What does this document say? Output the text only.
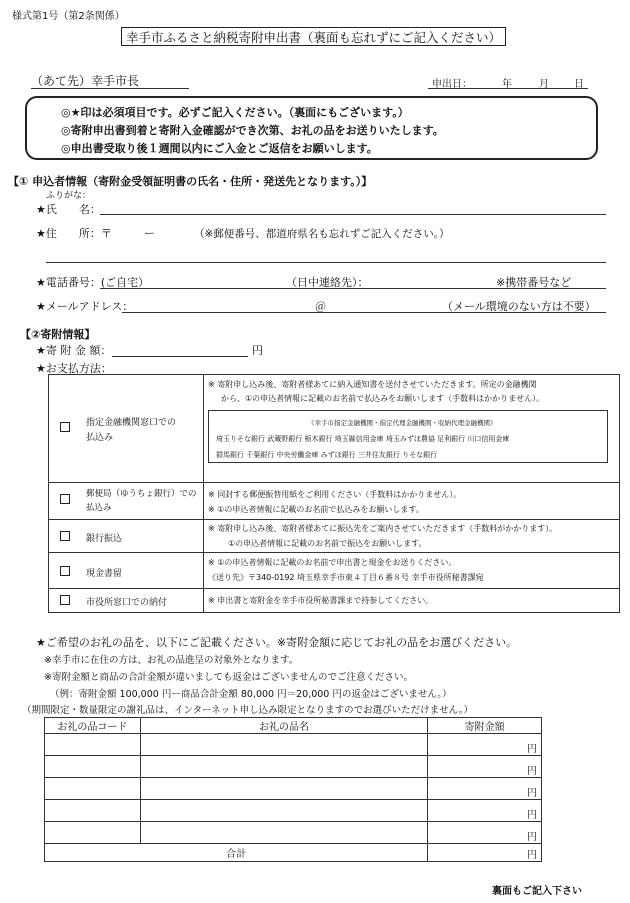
様式第1号（第2条関係）
幸手市ふるさと納税寄附申出書（裏面も忘れずにご記入ください）
（あて先）幸手市長	申出日：	年	月	日
◎★印は必須項目です。必ずご記入ください。（裏面にもございます。）
◎寄附申出書到着と寄附入金確認ができ次第、お礼の品をお送りいたします。
◎申出書受取り後１週間以内にご入金とご返信をお願いします。
【① 申込者情報（寄附金受領証明書の氏名・住所・発送先となります。）】
ふりがな：
★氏　　名：
★住　　所：〒	ー	（※郵便番号、都道府県名も忘れずご記入ください。）
★電話番号：(ご自宅）	（日中連絡先）：	※携帯番号など
★メールアドレス：	＠	（メール環境のない方は不要）
【②寄附情報】
★寄 附 金 額：	円
★お支払方法：
指定金融機関窓口での
払込み
※ 寄附申し込み後、寄附者様あてに納入通知書を送付させていただきます。所定の金融機関
から、①の申込者情報に記載のお名前で払込みをお願いします（手数料はかかりません）。
《幸手市指定金融機関・指定代理金融機関・収納代理金融機関》
埼玉りそな銀行 武蔵野銀行 栃木銀行 埼玉縣信用金庫 埼玉みずほ農協 足利銀行 川口信用金庫
群馬銀行 千葉銀行 中央労働金庫 みずほ銀行 三井住友銀行 りそな銀行
郵便局（ゆうちょ銀行）での
払込み
※ 同封する郵便振替用紙をご利用ください（手数料はかかりません）。
※ ①の申込者情報に記載のお名前で払込みをお願いします。
銀行振込
※ 寄附申し込み後、寄附者様あてに振込先をご案内させていただきます（手数料がかかります）。
①の申込者情報に記載のお名前で振込をお願いします。
現金書留
※ ①の申込者情報に記載のお名前で申出書と現金をお送りください。
《送り先》〒340-0192 埼玉県幸手市東４丁目６番８号 幸手市役所秘書課宛
市役所窓口での納付	※ 申出書と寄附金を幸手市役所秘書課まで持参してください。
★ご希望のお礼の品を、以下にご記載ください。※寄附金額に応じてお礼の品をお選びください。
※幸手市に在住の方は、お礼の品進呈の対象外となります。
※寄附金額と商品の合計金額が違いましても返金はございませんのでご注意ください。
（例：寄附金額 100,000 円ー商品合計金額 80,000 円＝20,000 円の返金はございません。）
（期間限定・数量限定の謝礼品は、インターネット申し込み限定となりますのでお選びいただけません。）
お礼の品コード	お礼の品名	寄附金額
		円
		円
		円
		円
		円
合計		円
裏面もご記入下さい
